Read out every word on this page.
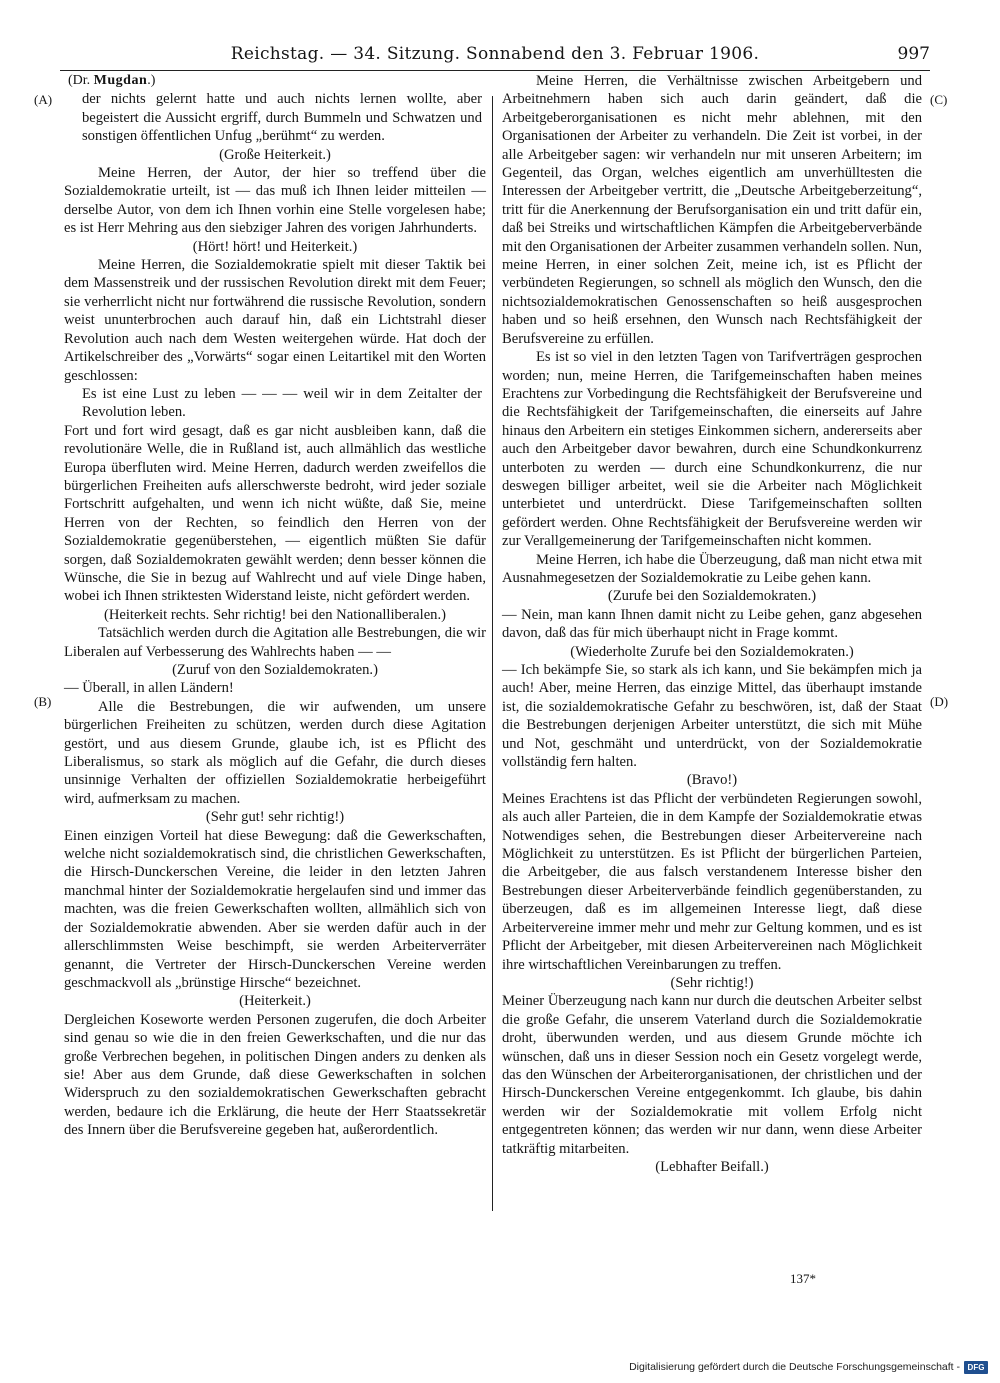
Reichstag. — 34. Sitzung. Sonnabend den 3. Februar 1906.	997
(A)
(B)
(C)
(D)
(Dr. Mugdan.)

der nichts gelernt hatte und auch nichts lernen wollte, aber begeistert die Aussicht ergriff, durch Bummeln und Schwatzen und sonstigen öffentlichen Unfug „berühmt“ zu werden.

(Große Heiterkeit.)

Meine Herren, der Autor, der hier so treffend über die Sozialdemokratie urteilt, ist — das muß ich Ihnen leider mitteilen — derselbe Autor, von dem ich Ihnen vorhin eine Stelle vorgelesen habe; es ist Herr Mehring aus den siebziger Jahren des vorigen Jahrhunderts.

(Hört! hört! und Heiterkeit.)

Meine Herren, die Sozialdemokratie spielt mit dieser Taktik bei dem Massenstreik und der russischen Revolution direkt mit dem Feuer; sie verherrlicht nicht nur fortwährend die russische Revolution, sondern weist ununterbrochen auch darauf hin, daß ein Lichtstrahl dieser Revolution auch nach dem Westen weitergehen würde. Hat doch der Artikelschreiber des „Vorwärts“ sogar einen Leitartikel mit den Worten geschlossen:

Es ist eine Lust zu leben — — — weil wir in dem Zeitalter der Revolution leben.

Fort und fort wird gesagt, daß es gar nicht ausbleiben kann, daß die revolutionäre Welle, die in Rußland ist, auch allmählich das westliche Europa überfluten wird. Meine Herren, dadurch werden zweifellos die bürgerlichen Freiheiten aufs allerschwerste bedroht, wird jeder soziale Fortschritt aufgehalten, und wenn ich nicht wüßte, daß Sie, meine Herren von der Rechten, so feindlich den Herren von der Sozialdemokratie gegenüberstehen, — eigentlich müßten Sie dafür sorgen, daß Sozialdemokraten gewählt werden; denn besser können die Wünsche, die Sie in bezug auf Wahlrecht und auf viele Dinge haben, wobei ich Ihnen striktesten Widerstand leiste, nicht gefördert werden.

(Heiterkeit rechts. Sehr richtig! bei den Nationalliberalen.)

Tatsächlich werden durch die Agitation alle Bestrebungen, die wir Liberalen auf Verbesserung des Wahlrechts haben — —

(Zuruf von den Sozialdemokraten.)

— Überall, in allen Ländern!

Alle die Bestrebungen, die wir aufwenden, um unsere bürgerlichen Freiheiten zu schützen, werden durch diese Agitation gestört, und aus diesem Grunde, glaube ich, ist es Pflicht des Liberalismus, so stark als möglich auf die Gefahr, die durch dieses unsinnige Verhalten der offiziellen Sozialdemokratie herbeigeführt wird, aufmerksam zu machen.

(Sehr gut! sehr richtig!)

Einen einzigen Vorteil hat diese Bewegung: daß die Gewerkschaften, welche nicht sozialdemokratisch sind, die christlichen Gewerkschaften, die Hirsch-Dunckerschen Vereine, die leider in den letzten Jahren manchmal hinter der Sozialdemokratie hergelaufen sind und immer das machten, was die freien Gewerkschaften wollten, allmählich sich von der Sozialdemokratie abwenden. Aber sie werden dafür auch in der allerschlimmsten Weise beschimpft, sie werden Arbeiterverräter genannt, die Vertreter der Hirsch-Dunckerschen Vereine werden geschmackvoll als „brünstige Hirsche“ bezeichnet.

(Heiterkeit.)

Dergleichen Koseworte werden Personen zugerufen, die doch Arbeiter sind genau so wie die in den freien Gewerkschaften, und die nur das große Verbrechen begehen, in politischen Dingen anders zu denken als sie! Aber aus dem Grunde, daß diese Gewerkschaften in solchen Widerspruch zu den sozialdemokratischen Gewerkschaften gebracht werden, bedaure ich die Erklärung, die heute der Herr Staatssekretär des Innern über die Berufsvereine gegeben hat, außerordentlich.

Meine Herren, die Verhältnisse zwischen Arbeitgebern und Arbeitnehmern haben sich auch darin geändert, daß die Arbeitgeberorganisationen es nicht mehr ablehnen, mit den Organisationen der Arbeiter zu verhandeln. Die Zeit ist vorbei, in der alle Arbeitgeber sagen: wir verhandeln nur mit unseren Arbeitern; im Gegenteil, das Organ, welches eigentlich am unverhülltesten die Interessen der Arbeitgeber vertritt, die „Deutsche Arbeitgeberzeitung“, tritt für die Anerkennung der Berufsorganisation ein und tritt dafür ein, daß bei Streiks und wirtschaftlichen Kämpfen die Arbeitgeberverbände mit den Organisationen der Arbeiter zusammen verhandeln sollen. Nun, meine Herren, in einer solchen Zeit, meine ich, ist es Pflicht der verbündeten Regierungen, so schnell als möglich den Wunsch, den die nichtsozialdemokratischen Genossenschaften so heiß ausgesprochen haben und so heiß ersehnen, den Wunsch nach Rechtsfähigkeit der Berufsvereine zu erfüllen.

Es ist so viel in den letzten Tagen von Tarifverträgen gesprochen worden; nun, meine Herren, die Tarifgemeinschaften haben meines Erachtens zur Vorbedingung die Rechtsfähigkeit der Berufsvereine und die Rechtsfähigkeit der Tarifgemeinschaften, die einerseits auf Jahre hinaus den Arbeitern ein stetiges Einkommen sichern, andererseits aber auch den Arbeitgeber davor bewahren, durch eine Schundkonkurrenz unterboten zu werden — durch eine Schundkonkurrenz, die nur deswegen billiger arbeitet, weil sie die Arbeiter nach Möglichkeit unterbietet und unterdrückt. Diese Tarifgemeinschaften sollten gefördert werden. Ohne Rechtsfähigkeit der Berufsvereine werden wir zur Verallgemeinerung der Tarifgemeinschaften nicht kommen.

Meine Herren, ich habe die Überzeugung, daß man nicht etwa mit Ausnahmegesetzen der Sozialdemokratie zu Leibe gehen kann.

(Zurufe bei den Sozialdemokraten.)

— Nein, man kann Ihnen damit nicht zu Leibe gehen, ganz abgesehen davon, daß das für mich überhaupt nicht in Frage kommt.

(Wiederholte Zurufe bei den Sozialdemokraten.)

— Ich bekämpfe Sie, so stark als ich kann, und Sie bekämpfen mich ja auch! Aber, meine Herren, das einzige Mittel, das überhaupt imstande ist, die sozialdemokratische Gefahr zu beschwören, ist, daß der Staat die Bestrebungen derjenigen Arbeiter unterstützt, die sich mit Mühe und Not, geschmäht und unterdrückt, von der Sozialdemokratie vollständig fern halten.

(Bravo!)

Meines Erachtens ist das Pflicht der verbündeten Regierungen sowohl, als auch aller Parteien, die in dem Kampfe der Sozialdemokratie etwas Notwendiges sehen, die Bestrebungen dieser Arbeitervereine nach Möglichkeit zu unterstützen. Es ist Pflicht der bürgerlichen Parteien, die Arbeitgeber, die aus falsch verstandenem Interesse bisher den Bestrebungen dieser Arbeiterverbände feindlich gegenüberstanden, zu überzeugen, daß es im allgemeinen Interesse liegt, daß diese Arbeitervereine immer mehr und mehr zur Geltung kommen, und es ist Pflicht der Arbeitgeber, mit diesen Arbeitervereinen nach Möglichkeit ihre wirtschaftlichen Vereinbarungen zu treffen.

(Sehr richtig!)

Meiner Überzeugung nach kann nur durch die deutschen Arbeiter selbst die große Gefahr, die unserem Vaterland durch die Sozialdemokratie droht, überwunden werden, und aus diesem Grunde möchte ich wünschen, daß uns in dieser Session noch ein Gesetz vorgelegt werde, das den Wünschen der Arbeiterorganisationen, der christlichen und der Hirsch-Dunckerschen Vereine entgegenkommt. Ich glaube, bis dahin werden wir der Sozialdemokratie mit vollem Erfolg nicht entgegentreten können; das werden wir nur dann, wenn diese Arbeiter tatkräftig mitarbeiten.

(Lebhafter Beifall.)

137*
Digitalisierung gefördert durch die Deutsche Forschungsgemeinschaft - DFG
